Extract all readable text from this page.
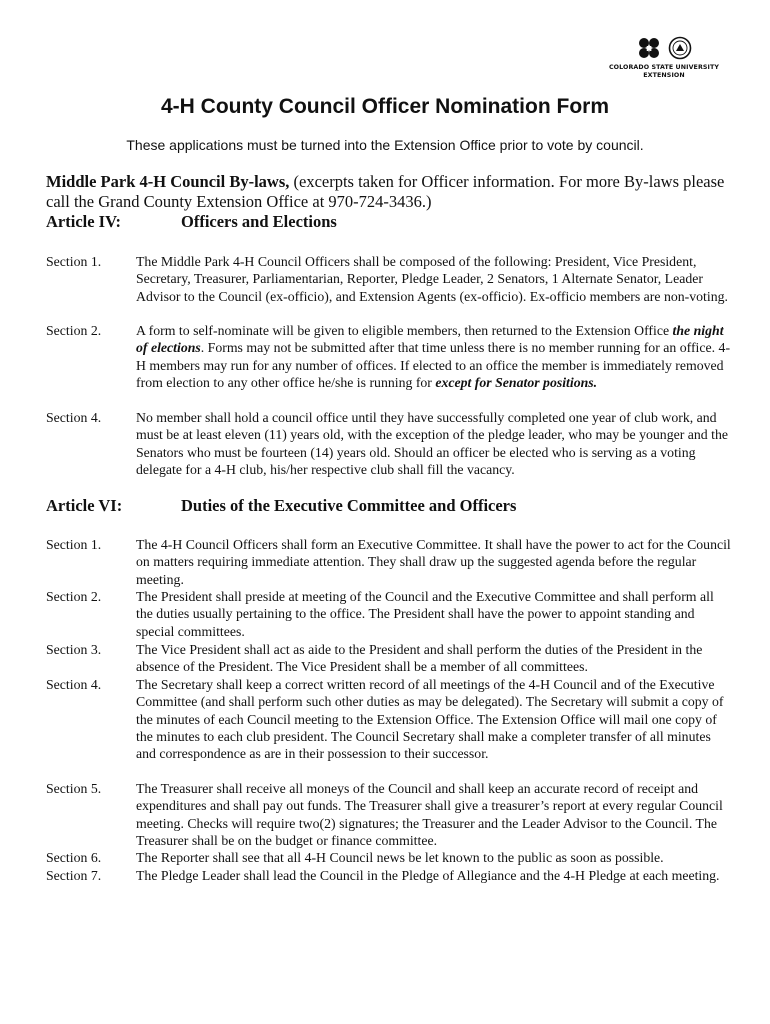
H
COLORADO STATE UNIVERSITY
EXTENSION
4-H County Council Officer Nomination Form
These applications must be turned into the Extension Office prior to vote by council.
Middle Park 4-H Council By-laws, (excerpts taken for Officer information. For more By-laws please call the Grand County Extension Office at 970-724-3436.)
Article IV:	Officers and Elections
Section 1.	The Middle Park 4-H Council Officers shall be composed of the following: President, Vice President, Secretary, Treasurer, Parliamentarian, Reporter, Pledge Leader, 2 Senators, 1 Alternate Senator, Leader Advisor to the Council (ex-officio), and Extension Agents (ex-officio). Ex-officio members are non-voting.
Section 2.	A form to self-nominate will be given to eligible members, then returned to the Extension Office the night of elections. Forms may not be submitted after that time unless there is no member running for an office. 4-H members may run for any number of offices. If elected to an office the member is immediately removed from election to any other office he/she is running for except for Senator positions.
Section 4.	No member shall hold a council office until they have successfully completed one year of club work, and must be at least eleven (11) years old, with the exception of the pledge leader, who may be younger and the Senators who must be fourteen (14) years old. Should an officer be elected who is serving as a voting delegate for a 4-H club, his/her respective club shall fill the vacancy.
Article VI:	Duties of the Executive Committee and Officers
Section 1.	The 4-H Council Officers shall form an Executive Committee. It shall have the power to act for the Council on matters requiring immediate attention. They shall draw up the suggested agenda before the regular meeting.
Section 2.	The President shall preside at meeting of the Council and the Executive Committee and shall perform all the duties usually pertaining to the office. The President shall have the power to appoint standing and special committees.
Section 3.	The Vice President shall act as aide to the President and shall perform the duties of the President in the absence of the President. The Vice President shall be a member of all committees.
Section 4.	The Secretary shall keep a correct written record of all meetings of the 4-H Council and of the Executive Committee (and shall perform such other duties as may be delegated). The Secretary will submit a copy of the minutes of each Council meeting to the Extension Office. The Extension Office will mail one copy of the minutes to each club president. The Council Secretary shall make a completer transfer of all minutes and correspondence as are in their possession to their successor.
Section 5.	The Treasurer shall receive all moneys of the Council and shall keep an accurate record of receipt and expenditures and shall pay out funds. The Treasurer shall give a treasurer’s report at every regular Council meeting. Checks will require two(2) signatures; the Treasurer and the Leader Advisor to the Council. The Treasurer shall be on the budget or finance committee.
Section 6.	The Reporter shall see that all 4-H Council news be let known to the public as soon as possible.
Section 7.	The Pledge Leader shall lead the Council in the Pledge of Allegiance and the 4-H Pledge at each meeting.
